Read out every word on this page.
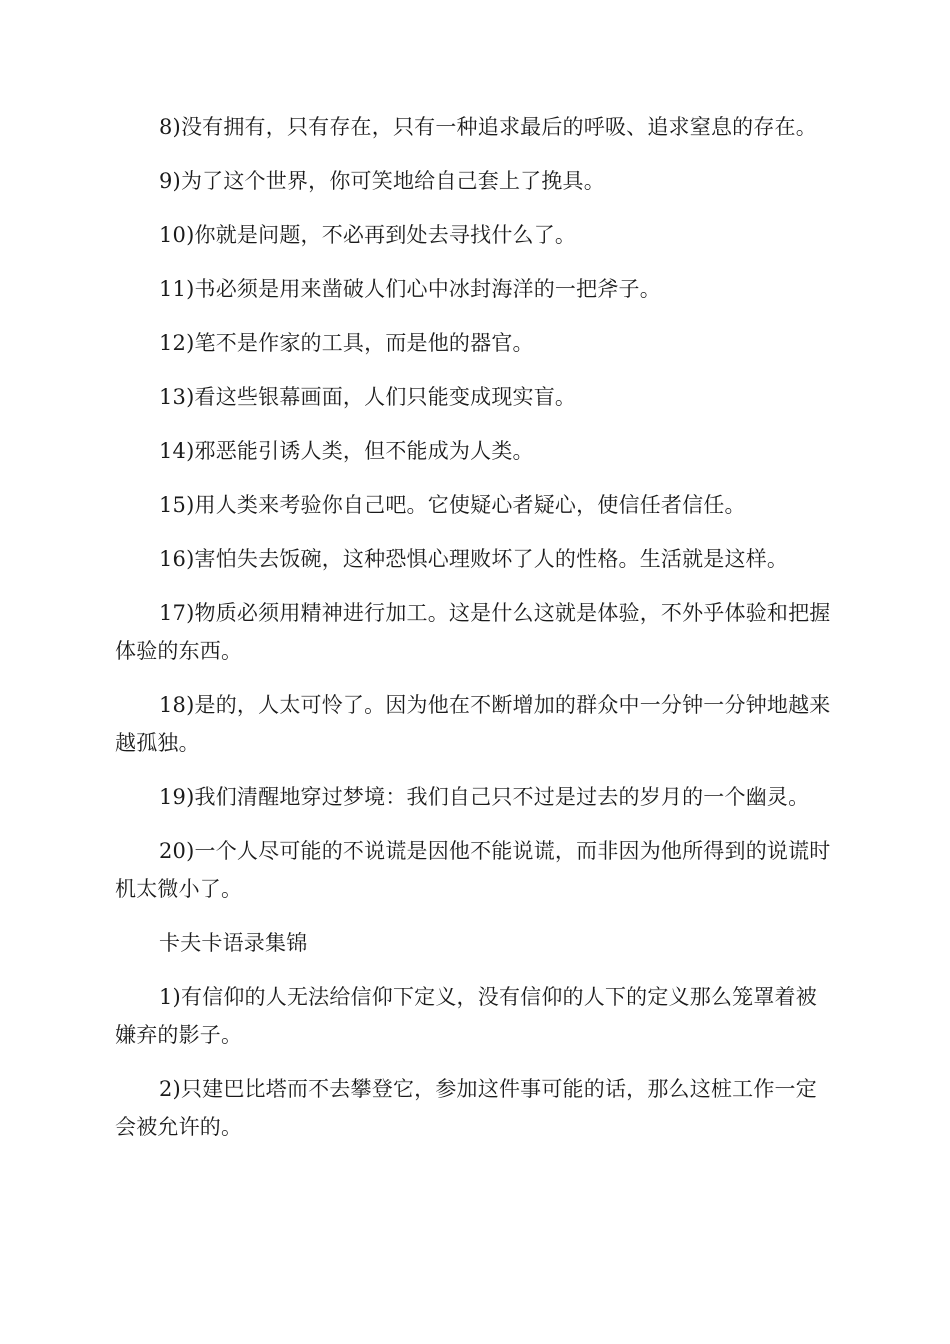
8)没有拥有，只有存在，只有一种追求最后的呼吸、追求窒息的存在。

9)为了这个世界，你可笑地给自己套上了挽具。

10)你就是问题，不必再到处去寻找什么了。

11)书必须是用来凿破人们心中冰封海洋的一把斧子。

12)笔不是作家的工具，而是他的器官。

13)看这些银幕画面，人们只能变成现实盲。

14)邪恶能引诱人类，但不能成为人类。

15)用人类来考验你自己吧。它使疑心者疑心，使信任者信任。

16)害怕失去饭碗，这种恐惧心理败坏了人的性格。生活就是这样。

17)物质必须用精神进行加工。这是什么这就是体验，不外乎体验和把握体验的东西。

18)是的，人太可怜了。因为他在不断增加的群众中一分钟一分钟地越来越孤独。

19)我们清醒地穿过梦境：我们自己只不过是过去的岁月的一个幽灵。

20)一个人尽可能的不说谎是因他不能说谎，而非因为他所得到的说谎时机太微小了。

卡夫卡语录集锦

1)有信仰的人无法给信仰下定义，没有信仰的人下的定义那么笼罩着被嫌弃的影子。

2)只建巴比塔而不去攀登它，参加这件事可能的话，那么这桩工作一定会被允许的。
